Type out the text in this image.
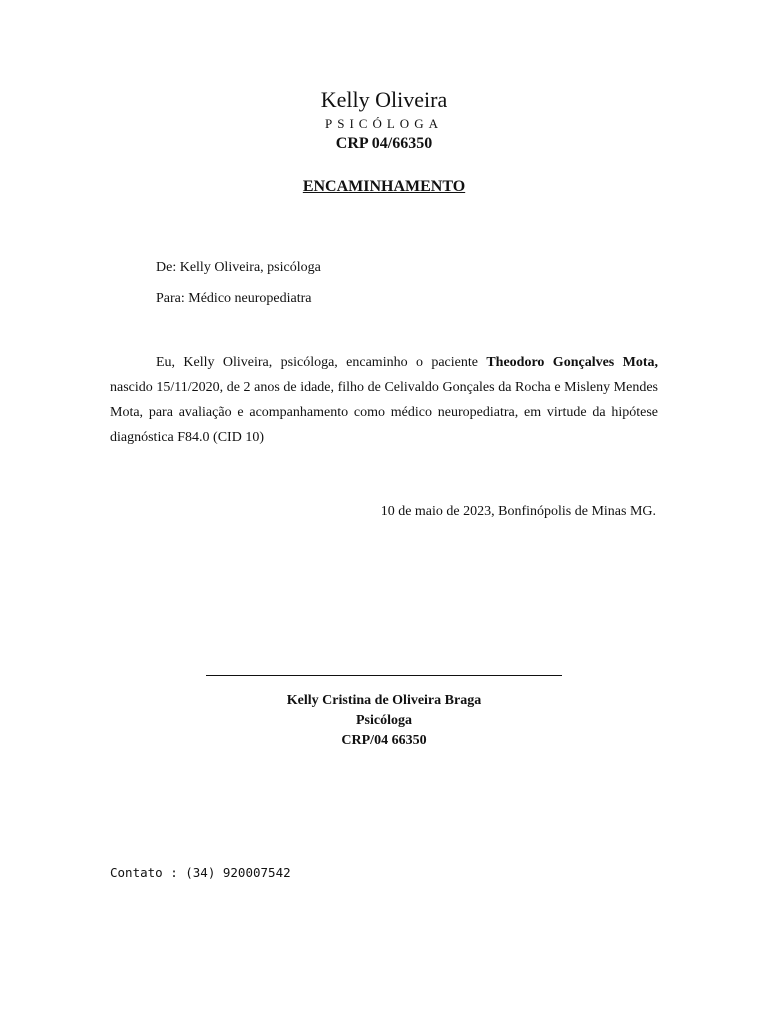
Kelly Oliveira
PSICÓLOGA
CRP 04/66350
ENCAMINHAMENTO
De: Kelly Oliveira, psicóloga
Para: Médico neuropediatra
Eu, Kelly Oliveira, psicóloga, encaminho o paciente Theodoro Gonçalves Mota, nascido 15/11/2020, de 2 anos de idade, filho de Celivaldo Gonçales da Rocha e Misleny Mendes Mota, para avaliação e acompanhamento como médico neuropediatra, em virtude da hipótese diagnóstica F84.0 (CID 10)
10 de maio de 2023, Bonfinópolis de Minas MG.
Kelly Cristina de Oliveira Braga
Psicóloga
CRP/04 66350
Contato : (34) 920007542
